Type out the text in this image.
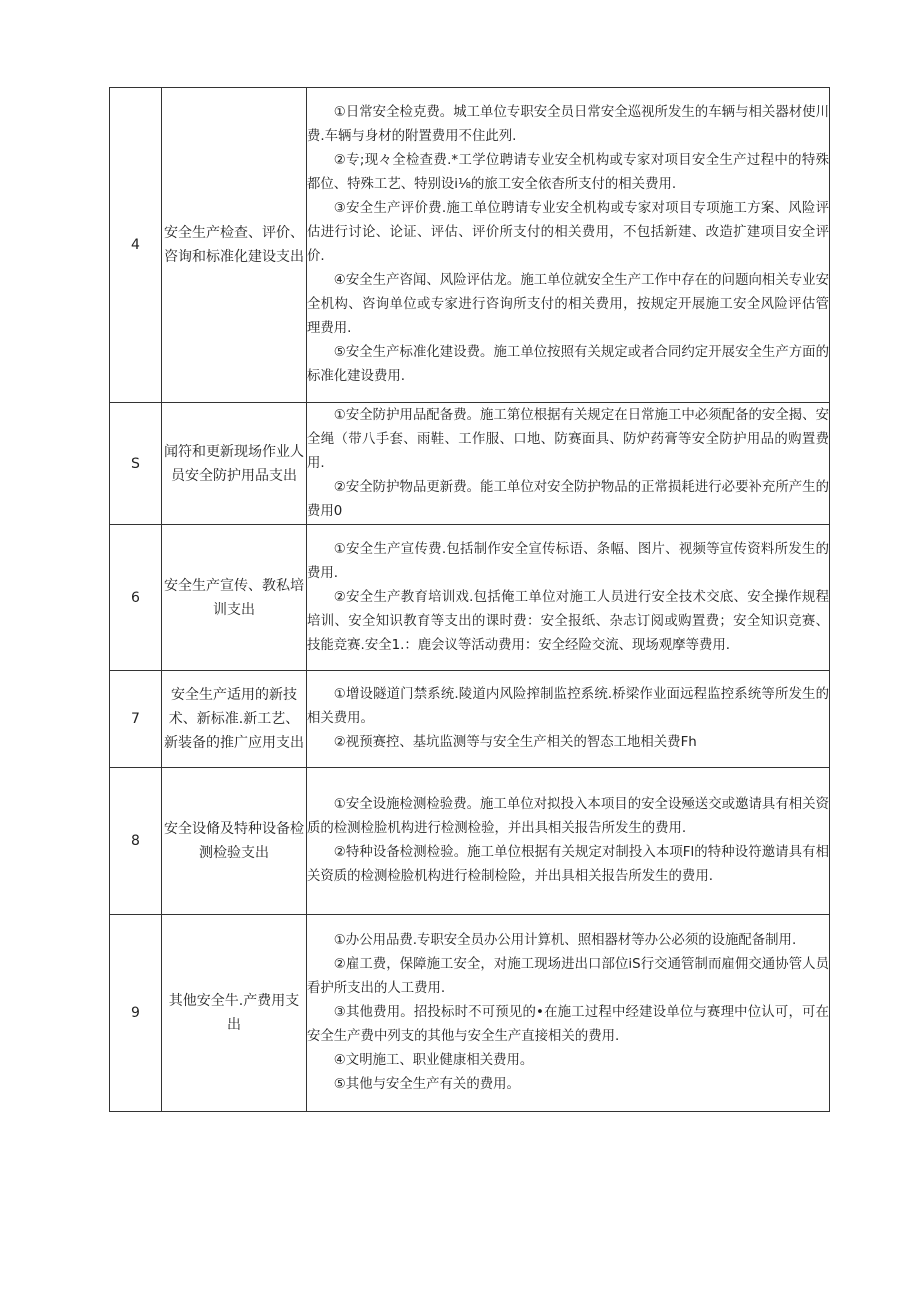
4	安全生产检查、评价、咨询和标准化建设支出	①日常安全检克费。城工单位专职安全员日常安全巡视所发生的车辆与相关器材使川费.车辆与身材的附置费用不住此列.

②专;现々全检查费.*工学位聘请专业安全机构或专家对项目安全生产过程中的特殊都位、特殊工艺、特别设i⅛的旅工安全依杳所支付的相关费用.

③安全生产评价费.施工单位聘请专业安全机构或专家对项目专项施工方案、风险评估进行讨论、论证、评估、评价所支付的相关费用，不包括新建、改造扩建项目安全评价.

④安全生产咨闻、风险评估龙。施工单位就安全生产工作中存在的问题向相关专业安全机构、咨询单位或专家进行咨询所支付的相关费用，按规定开展施工安全风险评估管理费用.

⑤安全生产标准化建设费。施工单位按照有关规定或者合同约定开展安全生产方面的标准化建设费用.

S	闻符和更新现场作业人员安全防护用品支出	①安全防护用品配备费。施工第位根据有关规定在日常施工中必须配备的安全揭、安全绳（带八手套、雨鞋、工作服、口地、防赛面具、防炉药膏等安全防护用品的购置费用.

②安全防护物品更新费。能工单位对安全防护物品的正常损耗进行必要补充所产生的费用0

6	安全生产宣传、教私培训支出	①安全生产宣传费.包括制作安全宣传标语、条幅、图片、视频等宣传资料所发生的费用.

②安全生产教育培训戏.包括俺工单位对施工人员进行安全技术交底、安全操作规程培训、安全知识教育等支出的课时费：安全报纸、杂志订阅或购置费；安全知识竞赛、技能竞赛.安全1.：鹿会议等活动费用：安全经险交流、现场观摩等费用.

7	安全生产适用的新技术、新标准.新工艺、新装备的推广应用支出	①增设隧道门禁系统.陵道内风险搾制监控系统.桥梁作业面远程监控系统等所发生的相关费用。

②视预赛控、基坑监测等与安全生产相关的智态工地相关费Fh

8	安全设脩及特种设备检测检验支出	①安全设施检测检验费。施工单位对拟投入本项目的安全设殛送交或邀请具有相关资质的检测检脸机构进行检测检验，并出具相关报告所发生的费用.

②特种设备检测检验。施工单位根据有关规定对制投入本项Fl的特种设符邀请具有相关资质的检测检脸机构进行检制检险，并出具相关报告所发生的费用.

9	其他安全牛.产费用支出	①办公用品费.专职安全员办公用计算机、照相器材等办公必须的设施配备制用.

②雇工费，保障施工安全，对施工现场进出口部位iS行交通管制而雇佣交通协管人员看护所支出的人工费用.

③其他费用。招投标时不可预见的•在施工过程中经建设单位与赛理中位认可，可在安全生产费中列支的其他与安全生产直接相关的费用.

④文明施工、职业健康相关费用。

⑤其他与安全生产有关的费用。
